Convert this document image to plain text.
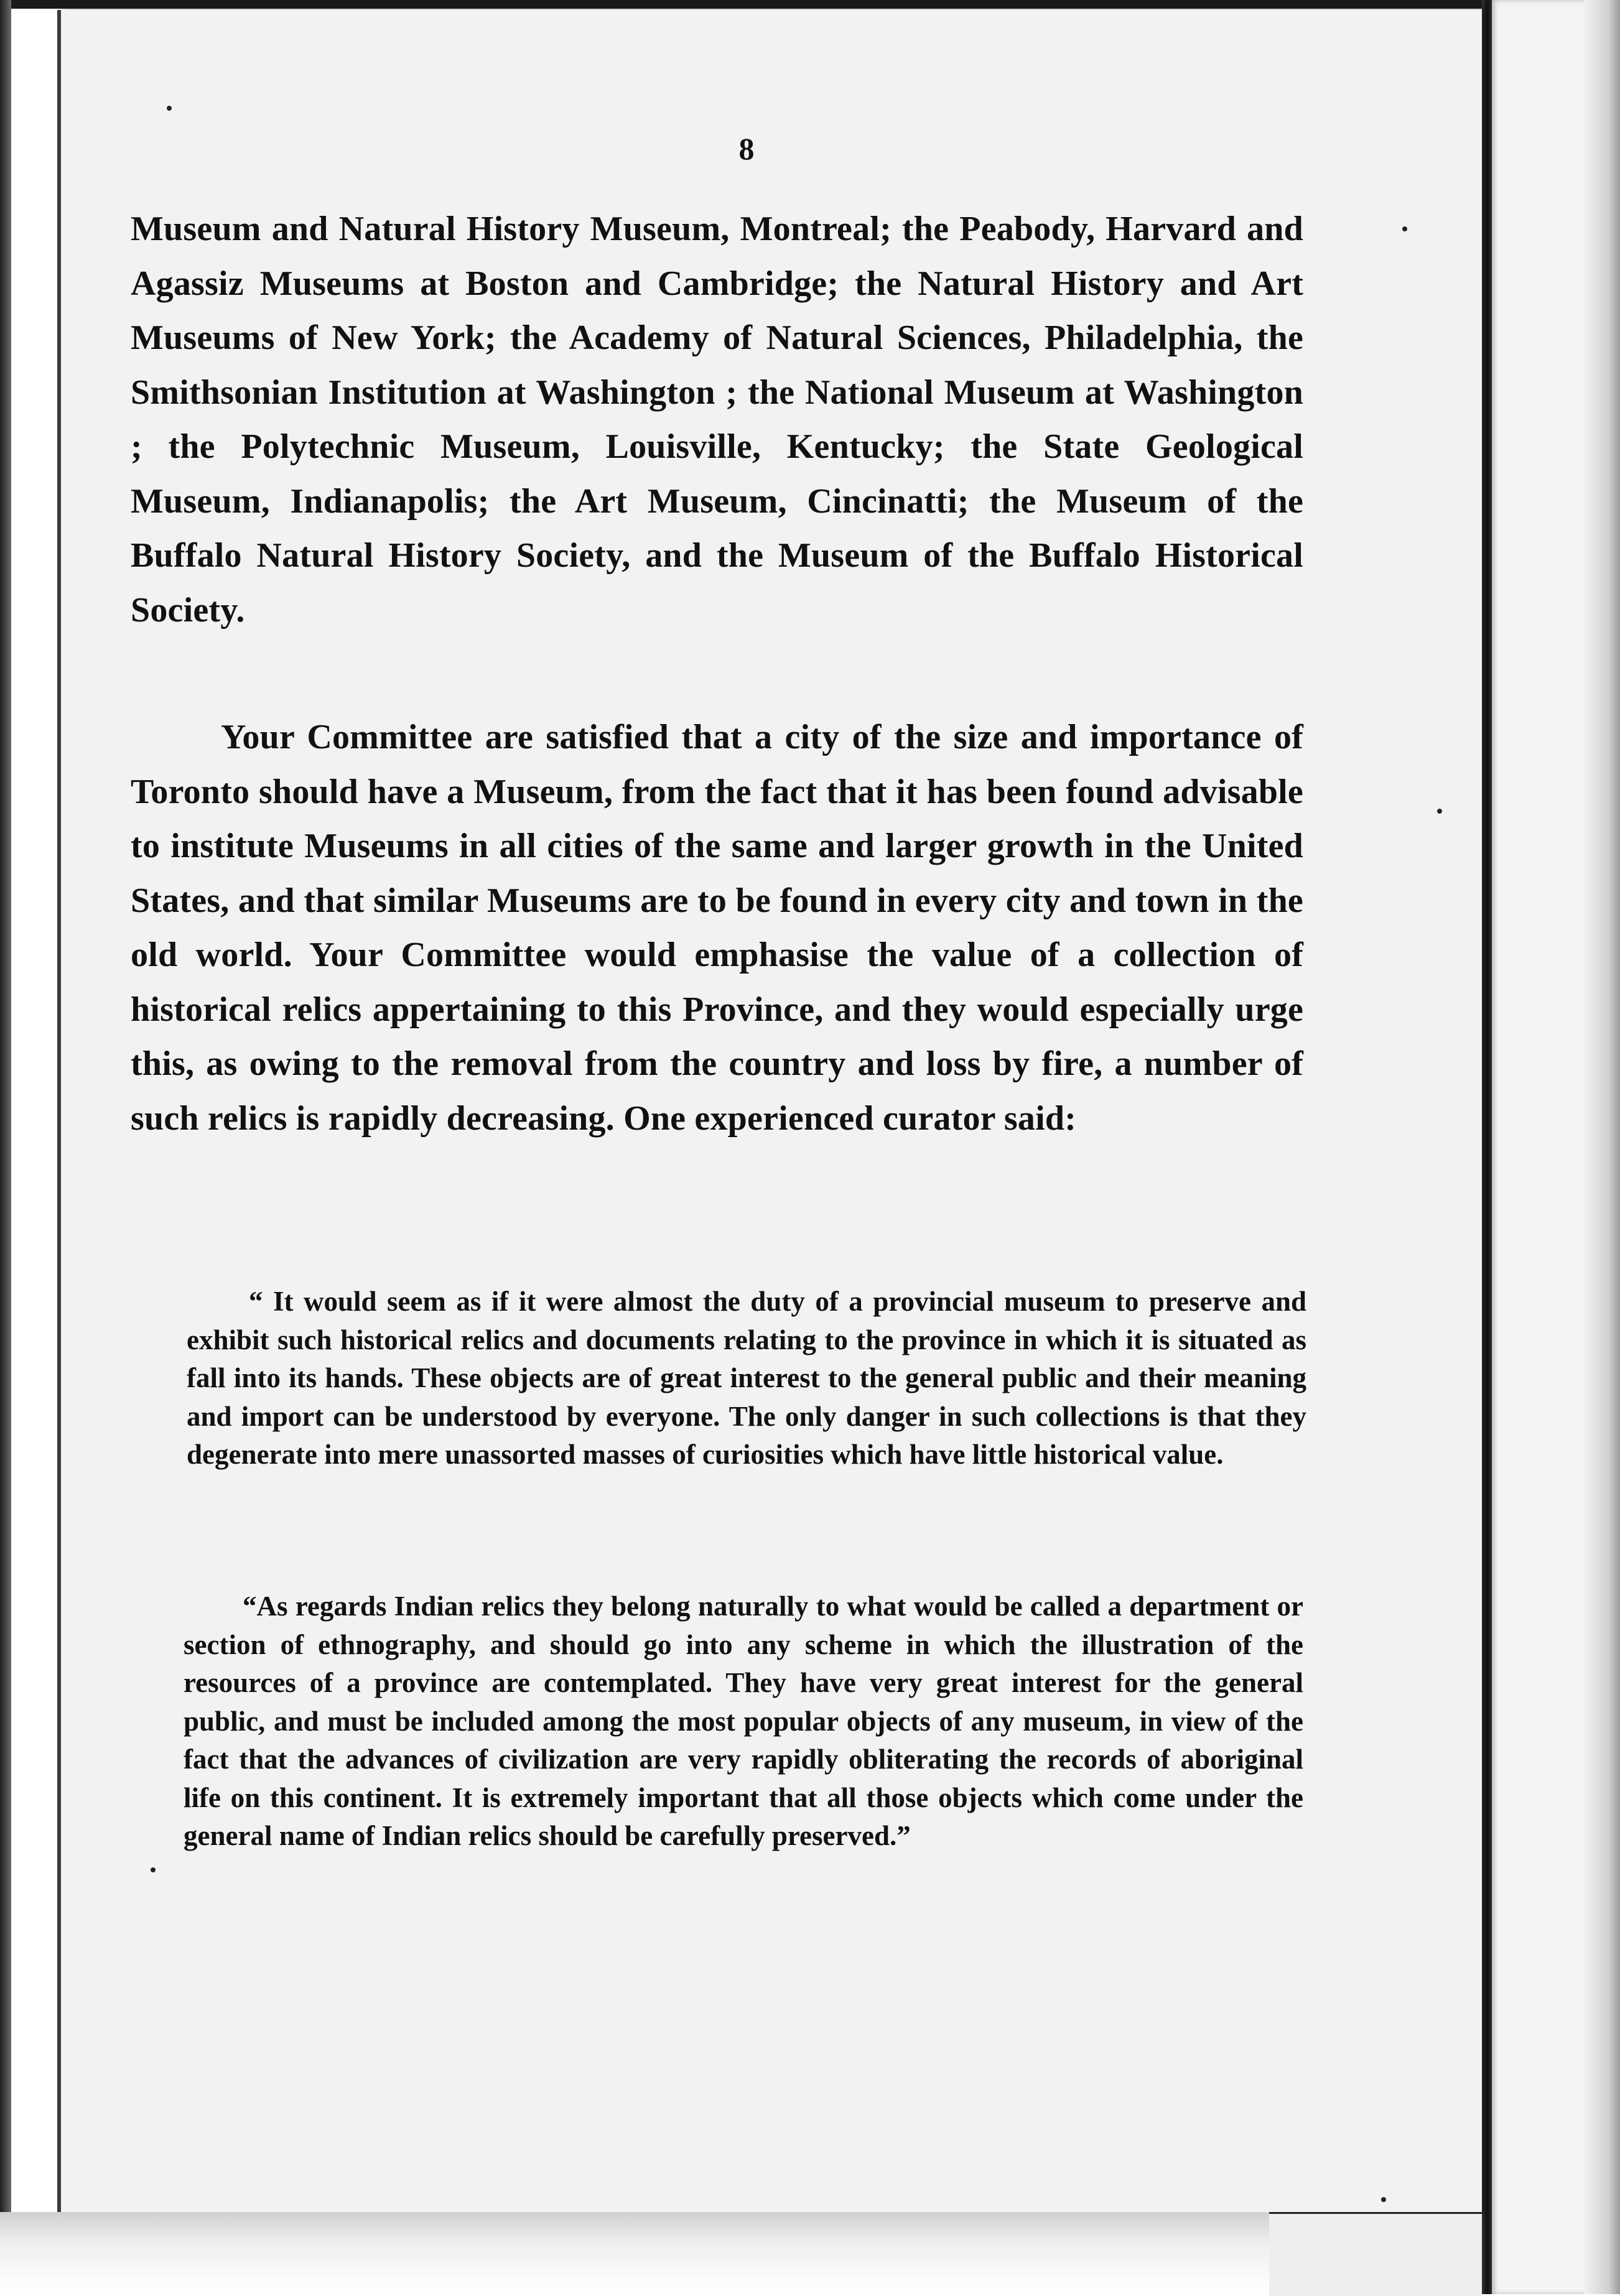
8

Museum and Natural History Museum, Montreal; the Peabody, Harvard and Agassiz Museums at Boston and Cambridge; the Natural History and Art Museums of New York; the Academy of Natural Sciences, Philadelphia, the Smithsonian Institution at Washington ; the National Museum at Washington ; the Polytechnic Museum, Louisville, Kentucky; the State Geological Museum, Indianapolis; the Art Museum, Cincinatti; the Museum of the Buffalo Natural History Society, and the Museum of the Buffalo Historical Society.

Your Committee are satisfied that a city of the size and importance of Toronto should have a Museum, from the fact that it has been found advisable to institute Museums in all cities of the same and larger growth in the United States, and that similar Museums are to be found in every city and town in the old world. Your Committee would emphasise the value of a collection of historical relics appertaining to this Province, and they would especially urge this, as owing to the removal from the country and loss by fire, a number of such relics is rapidly decreasing. One experienced curator said:

“ It would seem as if it were almost the duty of a provincial museum to preserve and exhibit such historical relics and documents relating to the province in which it is situated as fall into its hands. These objects are of great interest to the general public and their meaning and import can be understood by everyone. The only danger in such collections is that they degenerate into mere unassorted masses of curiosities which have little historical value.

“As regards Indian relics they belong naturally to what would be called a department or section of ethnography, and should go into any scheme in which the illustration of the resources of a province are contemplated. They have very great interest for the general public, and must be included among the most popular objects of any museum, in view of the fact that the advances of civilization are very rapidly obliterating the records of aboriginal life on this continent. It is extremely important that all those objects which come under the general name of Indian relics should be carefully preserved.”
